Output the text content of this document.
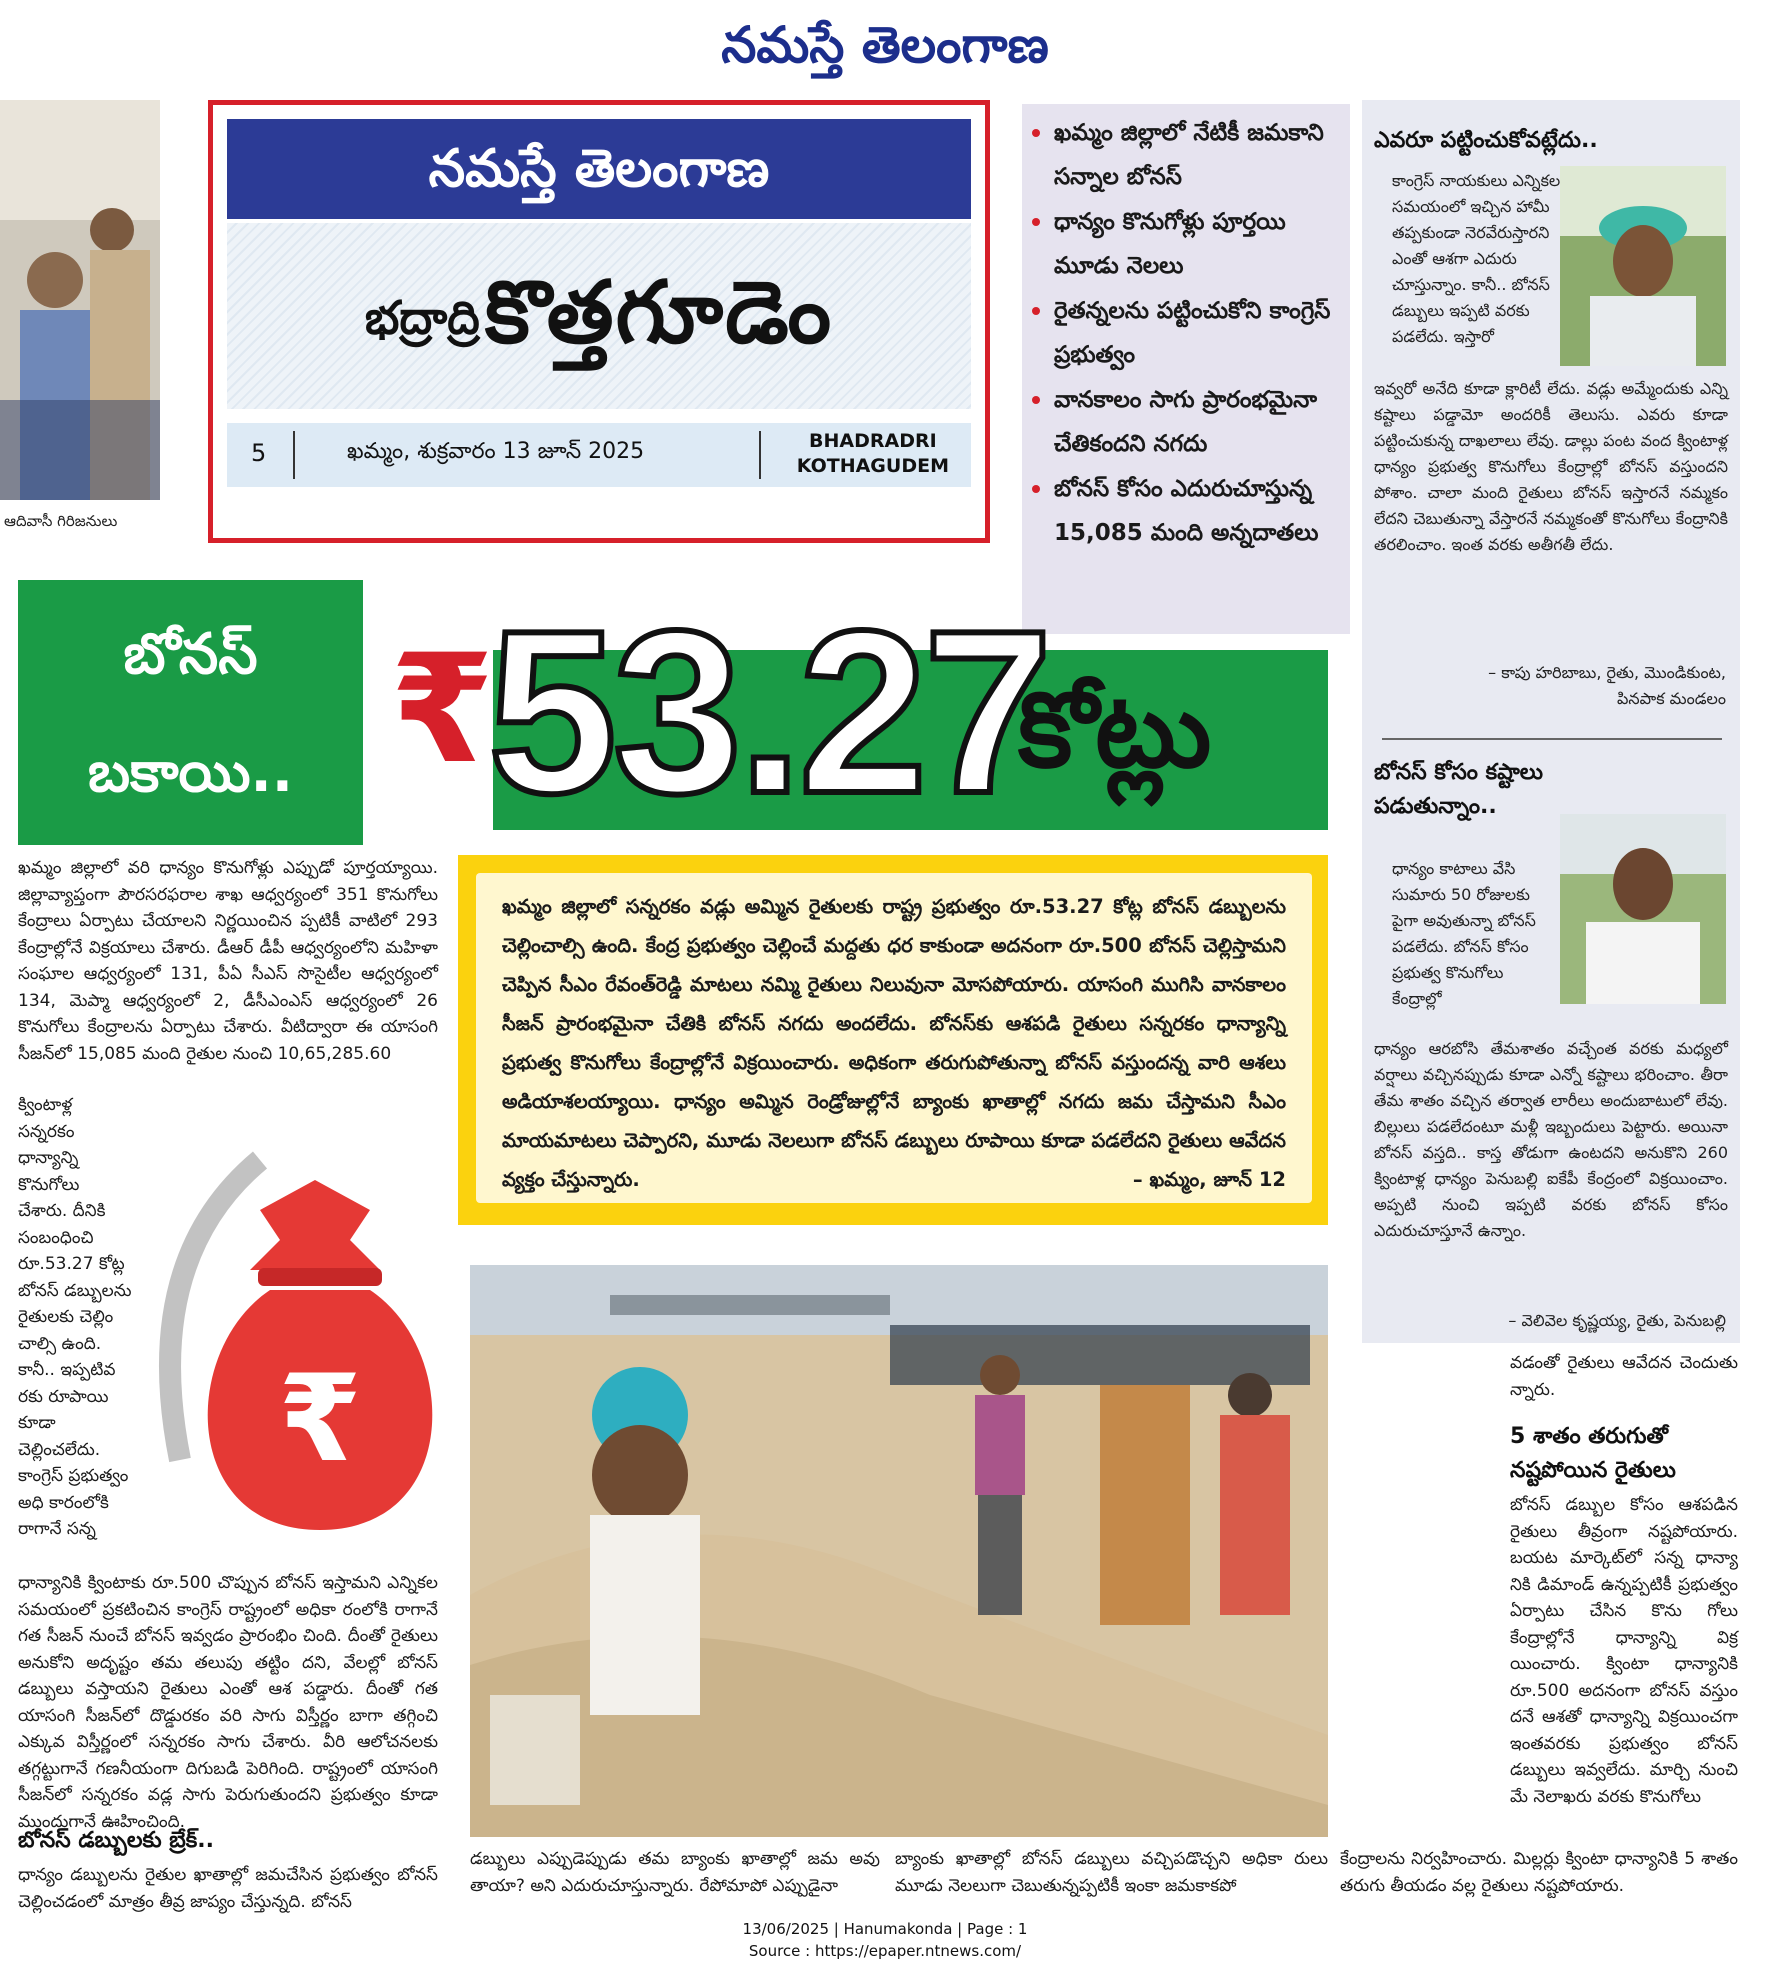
నమస్తే తెలంగాణ
ఆదివాసీ గిరిజనులు
నమస్తే తెలంగాణ
భద్రాద్రి కొత్తగూడెం
5	ఖమ్మం, శుక్రవారం 13 జూన్ 2025	BHADRADRI
KOTHAGUDEM
• ఖమ్మం జిల్లాలో నేటికీ జమకాని సన్నాల బోనస్
• ధాన్యం కొనుగోళ్లు పూర్తయి మూడు నెలలు
• రైతన్నలను పట్టించుకోని కాంగ్రెస్ ప్రభుత్వం
• వానకాలం సాగు ప్రారంభమైనా చేతికందని నగదు
• బోనస్ కోసం ఎదురుచూస్తున్న 15,085 మంది అన్నదాతలు
ఎవరూ పట్టించుకోవట్లేదు..
కాంగ్రెస్ నాయకులు ఎన్నికల సమయంలో ఇచ్చిన హామీ తప్పకుండా నెరవేరుస్తారని ఎంతో ఆశగా ఎదురు చూస్తున్నాం. కానీ.. బోనస్ డబ్బులు ఇప్పటి వరకు పడలేదు. ఇస్తారో
ఇవ్వరో అనేది కూడా క్లారిటీ లేదు. వడ్లు అమ్మేందుకు ఎన్ని కష్టాలు పడ్డామో అందరికీ తెలుసు. ఎవరు కూడా పట్టించుకున్న దాఖలాలు లేవు. డాల్లు పంట వంద క్వింటాళ్ల ధాన్యం ప్రభుత్వ కొనుగోలు కేంద్రాల్లో బోనస్ వస్తుందని పోశాం. చాలా మంది రైతులు బోనస్ ఇస్తారనే నమ్మకం లేదని చెబుతున్నా వేస్తారనే నమ్మకంతో కొనుగోలు కేంద్రానికి తరలించాం. ఇంత వరకు అతీగతీ లేదు.
– కాపు హరిబాబు, రైతు, మొండికుంట,
పినపాక మండలం
బోనస్ కోసం కష్టాలు
పడుతున్నాం..
ధాన్యం కాటాలు వేసి సుమారు 50 రోజులకు పైగా అవుతున్నా బోనస్ పడలేదు. బోనస్ కోసం ప్రభుత్వ కొనుగోలు కేంద్రాల్లో
ధాన్యం ఆరబోసి తేమశాతం వచ్చేంత వరకు మధ్యలో వర్షాలు వచ్చినప్పుడు కూడా ఎన్నో కష్టాలు భరించాం. తీరా తేమ శాతం వచ్చిన తర్వాత లారీలు అందుబాటులో లేవు. బిల్లులు పడలేదంటూ మళ్లీ ఇబ్బందులు పెట్టారు. అయినా బోనస్ వస్తది.. కాస్త తోడుగా ఉంటదని అనుకొని 260 క్వింటాళ్ల ధాన్యం పెనుబల్లి ఐకేపీ కేంద్రంలో విక్రయించాం. అప్పటి నుంచి ఇప్పటి వరకు బోనస్ కోసం ఎదురుచూస్తూనే ఉన్నాం.
– వెలివెల కృష్ణయ్య, రైతు, పెనుబల్లి
బోనస్
బకాయి.. ₹
53.27
కోట్లు
ఖమ్మం జిల్లాలో వరి ధాన్యం కొనుగోళ్లు ఎప్పుడో పూర్తయ్యాయి. జిల్లావ్యాప్తంగా పౌరసరఫరాల శాఖ ఆధ్వర్యంలో 351 కొనుగోలు కేంద్రాలు ఏర్పాటు చేయాలని నిర్ణయించిన ప్పటికీ వాటిలో 293 కేంద్రాల్లోనే విక్రయాలు చేశారు. డీఆర్ డీపీ ఆధ్వర్యంలోని మహిళా సంఘాల ఆధ్వర్యంలో 131, పీఏ సీఎస్ సొసైటీల ఆధ్వర్యంలో 134, మెప్మా ఆధ్వర్యంలో 2, డీసీఎంఎస్ ఆధ్వర్యంలో 26 కొనుగోలు కేంద్రాలను ఏర్పాటు చేశారు. వీటిద్వారా ఈ యాసంగి సీజన్‌లో 15,085 మంది రైతుల నుంచి 10,65,285.60
క్వింటాళ్ల సన్నరకం ధాన్యాన్ని కొనుగోలు చేశారు. దీనికి సంబంధించి రూ.53.27 కోట్ల బోనస్ డబ్బులను రైతులకు చెల్లిం చాల్సి ఉంది. కానీ.. ఇప్పటివ రకు రూపాయి కూడా చెల్లించలేదు. కాంగ్రెస్ ప్రభుత్వం అధి కారంలోకి రాగానే సన్న
₹
ధాన్యానికి క్వింటాకు రూ.500 చొప్పున బోనస్ ఇస్తామని ఎన్నికల సమయంలో ప్రకటించిన కాంగ్రెస్ రాష్ట్రంలో అధికా రంలోకి రాగానే గత సీజన్ నుంచే బోనస్ ఇవ్వడం ప్రారంభిం చింది. దీంతో రైతులు అనుకోని అదృష్టం తమ తలుపు తట్టిం దని, వేలల్లో బోనస్ డబ్బులు వస్తాయని రైతులు ఎంతో ఆశ పడ్డారు. దీంతో గత యాసంగి సీజన్‌లో దొడ్డురకం వరి సాగు విస్తీర్ణం బాగా తగ్గించి ఎక్కువ విస్తీర్ణంలో సన్నరకం సాగు చేశారు. వీరి ఆలోచనలకు తగ్గట్టుగానే గణనీయంగా దిగుబడి పెరిగింది. రాష్ట్రంలో యాసంగి సీజన్‌లో సన్నరకం వడ్ల సాగు పెరుగుతుందని ప్రభుత్వం కూడా ముందుగానే ఊహించింది.
బోనస్ డబ్బులకు బ్రేక్..
ధాన్యం డబ్బులను రైతుల ఖాతాల్లో జమచేసిన ప్రభుత్వం బోనస్ చెల్లించడంలో మాత్రం తీవ్ర జాప్యం చేస్తున్నది. బోనస్

ఖమ్మం జిల్లాలో సన్నరకం వడ్లు అమ్మిన రైతులకు రాష్ట్ర ప్రభుత్వం రూ.53.27 కోట్ల బోనస్ డబ్బులను చెల్లించాల్సి ఉంది. కేంద్ర ప్రభుత్వం చెల్లించే మద్దతు ధర కాకుండా అదనంగా రూ.500 బోనస్ చెల్లిస్తామని చెప్పిన సీఎం రేవంత్‌రెడ్డి మాటలు నమ్మి రైతులు నిలువునా మోసపోయారు. యాసంగి ముగిసి వానకాలం సీజన్ ప్రారంభమైనా చేతికి బోనస్ నగదు అందలేదు. బోనస్‌కు ఆశపడి రైతులు సన్నరకం ధాన్యాన్ని ప్రభుత్వ కొనుగోలు కేంద్రాల్లోనే విక్రయించారు. అధికంగా తరుగుపోతున్నా బోనస్ వస్తుందన్న వారి ఆశలు అడియాశలయ్యాయి. ధాన్యం అమ్మిన రెండ్రోజుల్లోనే బ్యాంకు ఖాతాల్లో నగదు జమ చేస్తామని సీఎం మాయమాటలు చెప్పారని, మూడు నెలలుగా బోనస్ డబ్బులు రూపాయి కూడా పడలేదని రైతులు ఆవేదన వ్యక్తం చేస్తున్నారు.	– ఖమ్మం, జూన్ 12

డబ్బులు ఎప్పుడెప్పుడు తమ బ్యాంకు ఖాతాల్లో జమ అవు తాయా? అని ఎదురుచూస్తున్నారు. రేపోమాపో ఎప్పుడైనా
బ్యాంకు ఖాతాల్లో బోనస్ డబ్బులు వచ్చిపడొచ్చని అధికా రులు మూడు నెలలుగా చెబుతున్నప్పటికీ ఇంకా జమకాకపో
వడంతో రైతులు ఆవేదన చెందుతు న్నారు.
5 శాతం తరుగుతో
నష్టపోయిన రైతులు
బోనస్ డబ్బుల కోసం ఆశపడిన రైతులు తీవ్రంగా నష్టపోయారు. బయట మార్కెట్‌లో సన్న ధాన్యా నికి డిమాండ్ ఉన్నప్పటికీ ప్రభుత్వం ఏర్పాటు చేసిన కొను గోలు కేంద్రాల్లోనే ధాన్యాన్ని విక్ర యించారు. క్వింటా ధాన్యానికి రూ.500 అదనంగా బోనస్ వస్తుం దనే ఆశతో ధాన్యాన్ని విక్రయించగా ఇంతవరకు ప్రభుత్వం బోనస్ డబ్బులు ఇవ్వలేదు. మార్చి నుంచి మే నెలాఖరు వరకు కొనుగోలు
కేంద్రాలను నిర్వహించారు. మిల్లర్లు క్వింటా ధాన్యానికి 5 శాతం తరుగు తీయడం వల్ల రైతులు నష్టపోయారు.
13/06/2025 | Hanumakonda | Page : 1
Source : https://epaper.ntnews.com/
